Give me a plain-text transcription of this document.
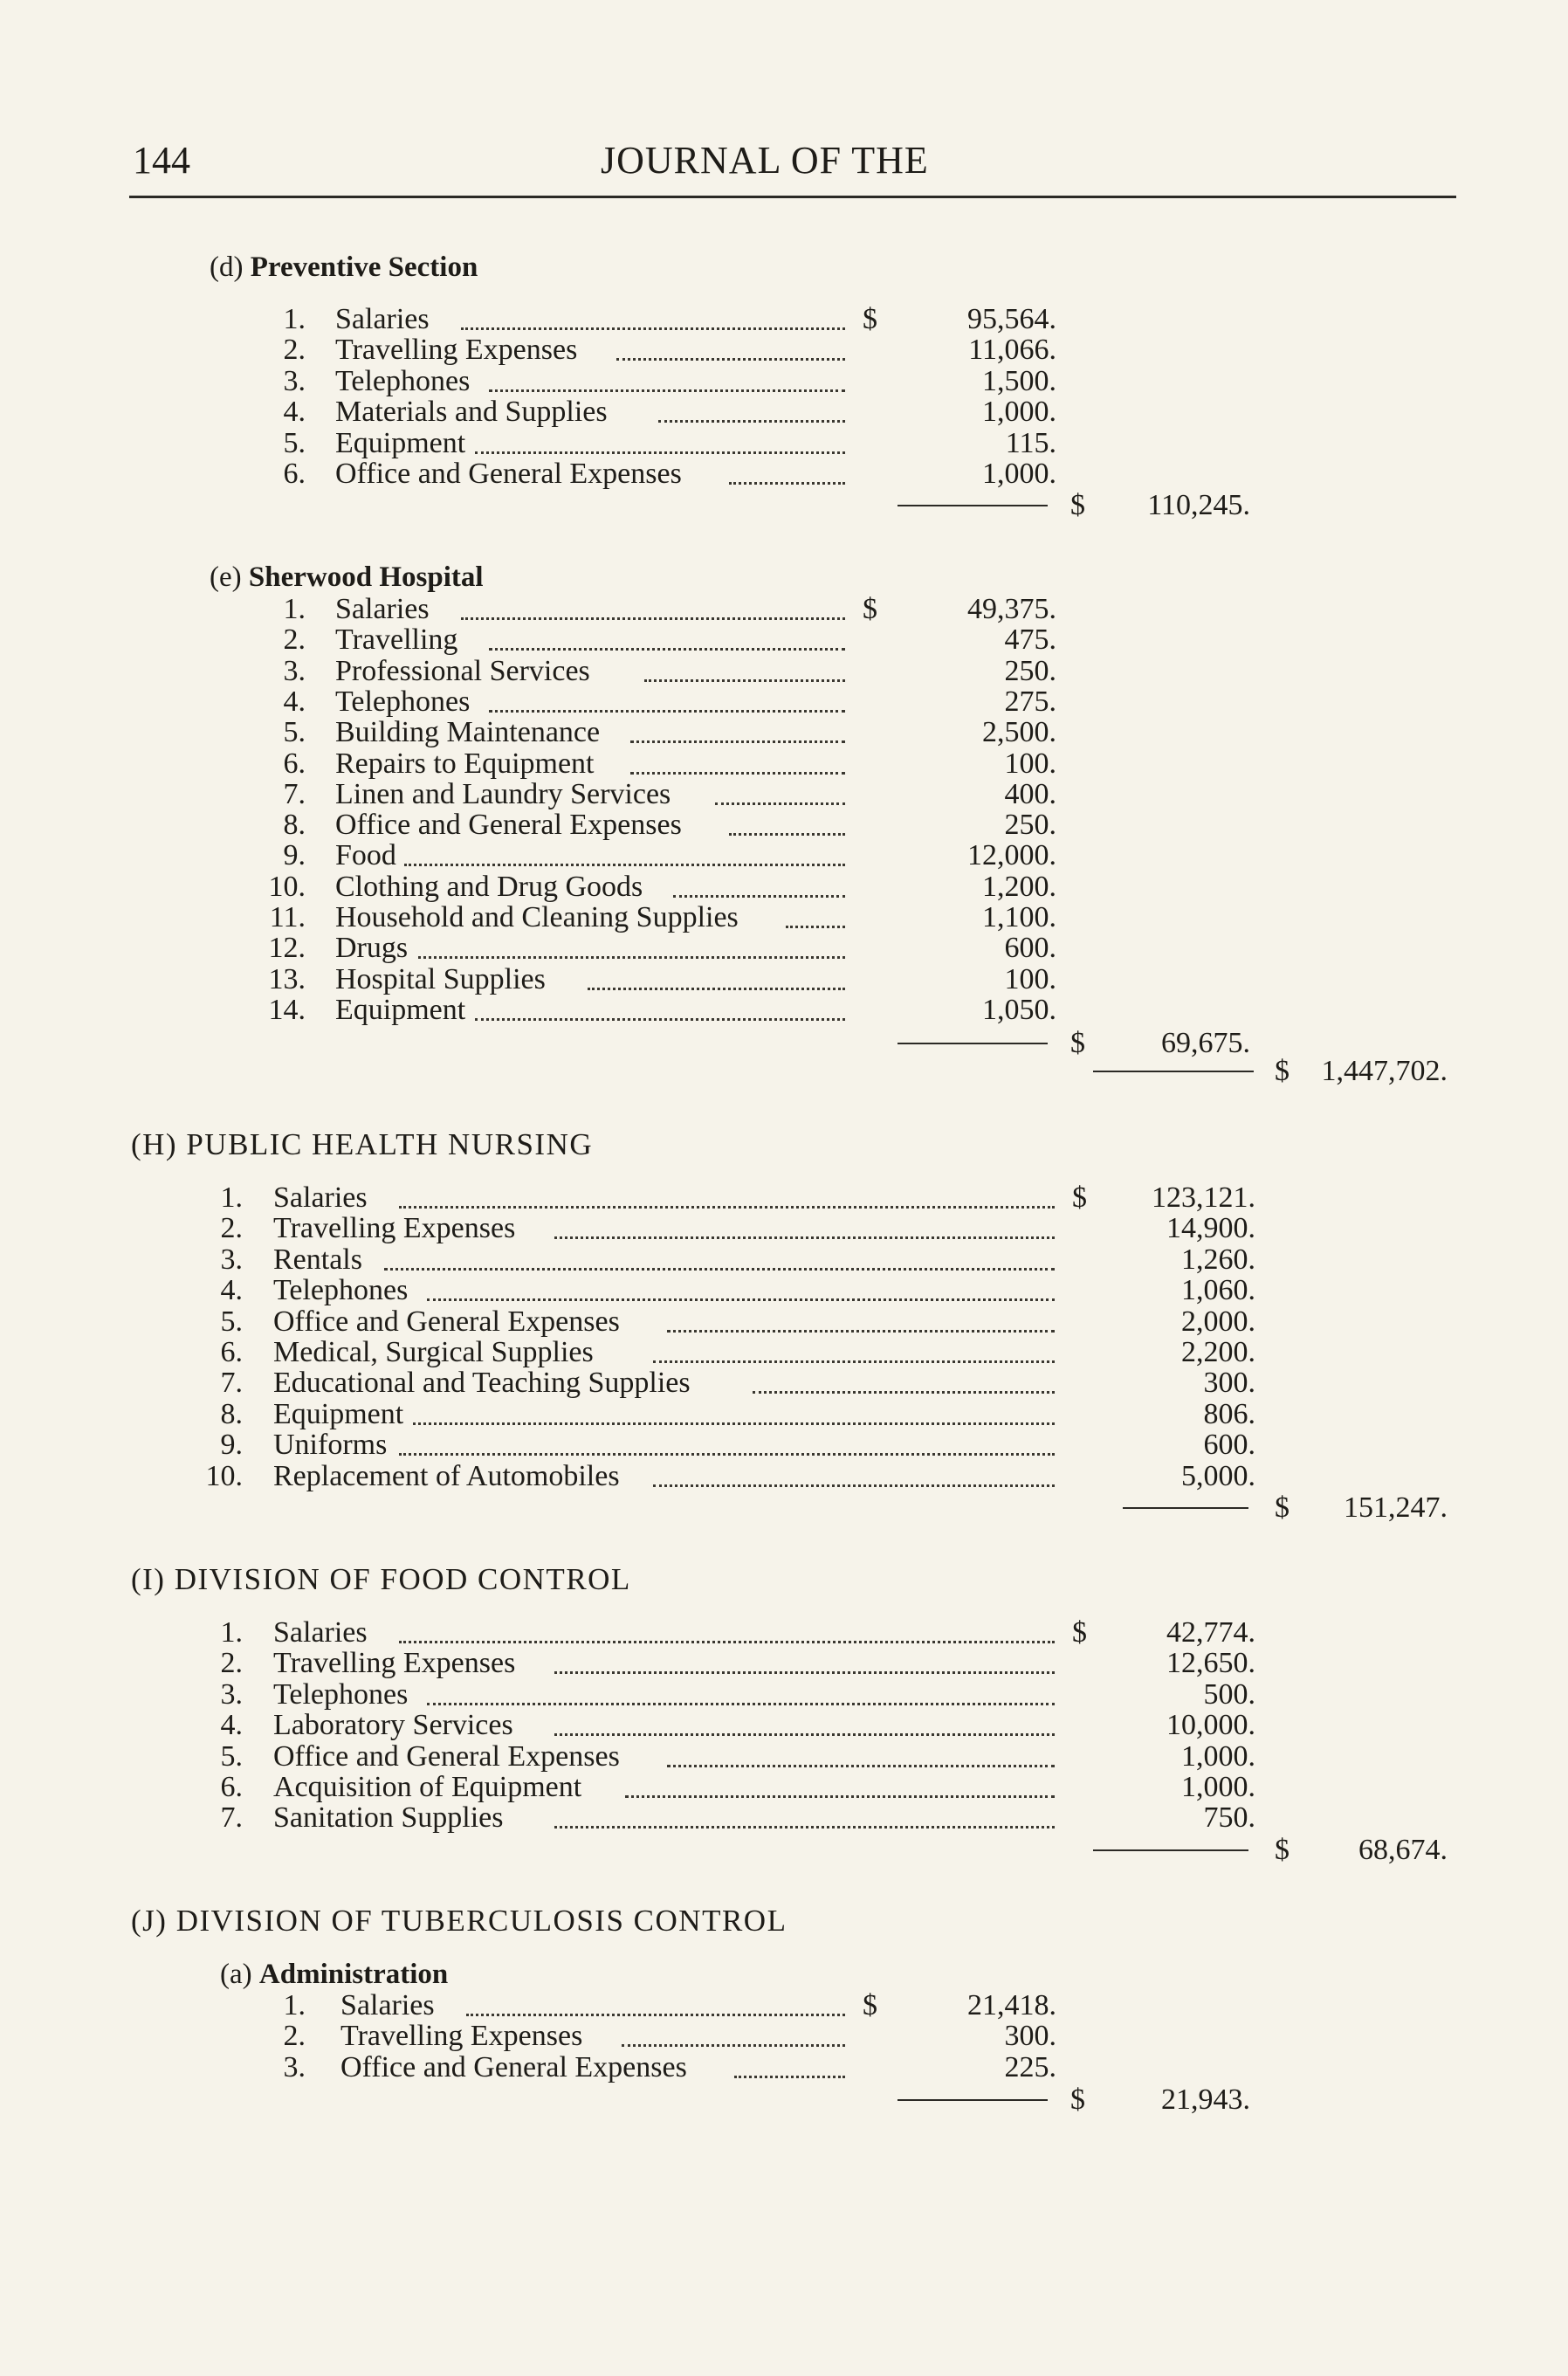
144	JOURNAL OF THE
(d) Preventive Section
1. Salaries	$	95,564.
2. Travelling Expenses	11,066.
3. Telephones	1,500.
4. Materials and Supplies	1,000.
5. Equipment	115.
6. Office and General Expenses	1,000.
$ 110,245.
(e) Sherwood Hospital
1. Salaries	$	49,375.
2. Travelling	475.
3. Professional Services	250.
4. Telephones	275.
5. Building Maintenance	2,500.
6. Repairs to Equipment	100.
7. Linen and Laundry Services	400.
8. Office and General Expenses	250.
9. Food	12,000.
10. Clothing and Drug Goods	1,200.
11. Household and Cleaning Supplies	1,100.
12. Drugs	600.
13. Hospital Supplies	100.
14. Equipment	1,050.
$	69,675.
$ 1,447,702.
(H) PUBLIC HEALTH NURSING
1. Salaries	$ 123,121.
2. Travelling Expenses	14,900.
3. Rentals	1,260.
4. Telephones	1,060.
5. Office and General Expenses	2,000.
6. Medical, Surgical Supplies	2,200.
7. Educational and Teaching Supplies	300.
8. Equipment	806.
9. Uniforms	600.
10. Replacement of Automobiles	5,000.
$ 151,247.
(I) DIVISION OF FOOD CONTROL
1. Salaries	$	42,774.
2. Travelling Expenses	12,650.
3. Telephones	500.
4. Laboratory Services	10,000.
5. Office and General Expenses	1,000.
6. Acquisition of Equipment	1,000.
7. Sanitation Supplies	750.
$ 68,674.
(J) DIVISION OF TUBERCULOSIS CONTROL
(a) Administration
1. Salaries	$	21,418.
2. Travelling Expenses	300.
3. Office and General Expenses	225.
$	21,943.
